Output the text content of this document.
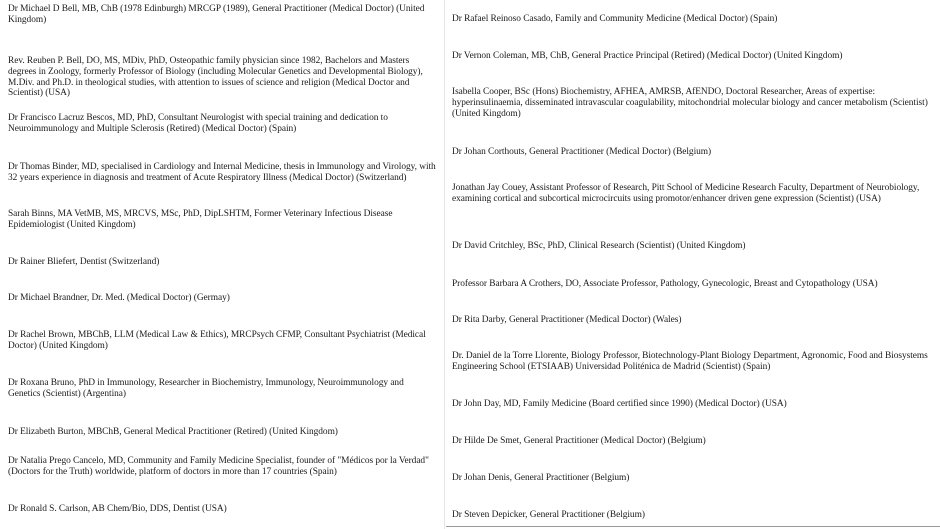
Dr Michael D Bell, MB, ChB (1978 Edinburgh) MRCGP (1989), General Practitioner (Medical Doctor) (United Kingdom)
Rev. Reuben P. Bell, DO, MS, MDiv, PhD, Osteopathic family physician since 1982, Bachelors and Masters degrees in Zoology, formerly Professor of Biology (including Molecular Genetics and Developmental Biology), M.Div. and Ph.D. in theological studies, with attention to issues of science and religion (Medical Doctor and Scientist) (USA)
Dr Francisco Lacruz Bescos, MD, PhD, Consultant Neurologist with special training and dedication to Neuroimmunology and Multiple Sclerosis (Retired) (Medical Doctor) (Spain)
Dr Thomas Binder, MD, specialised in Cardiology and Internal Medicine, thesis in Immunology and Virology, with 32 years experience in diagnosis and treatment of Acute Respiratory Illness (Medical Doctor) (Switzerland)
Sarah Binns, MA VetMB, MS, MRCVS, MSc, PhD, DipLSHTM, Former Veterinary Infectious Disease Epidemiologist (United Kingdom)
Dr Rainer Bliefert, Dentist (Switzerland)
Dr Michael Brandner, Dr. Med. (Medical Doctor) (Germay)
Dr Rachel Brown, MBChB, LLM (Medical Law & Ethics), MRCPsych CFMP, Consultant Psychiatrist (Medical Doctor) (United Kingdom)
Dr Roxana Bruno, PhD in Immunology, Researcher in Biochemistry, Immunology, Neuroimmunology and Genetics (Scientist) (Argentina)
Dr Elizabeth Burton, MBChB, General Medical Practitioner (Retired) (United Kingdom)
Dr Natalia Prego Cancelo, MD, Community and Family Medicine Specialist, founder of "Médicos por la Verdad" (Doctors for the Truth) worldwide, platform of doctors in more than 17 countries (Spain)
Dr Ronald S. Carlson, AB Chem/Bio, DDS, Dentist (USA)
Dr Rafael Reinoso Casado, Family and Community Medicine (Medical Doctor) (Spain)
Dr Vernon Coleman, MB, ChB, General Practice Principal (Retired) (Medical Doctor) (United Kingdom)
Isabella Cooper, BSc (Hons) Biochemistry, AFHEA, AMRSB, AfENDO, Doctoral Researcher, Areas of expertise: hyperinsulinaemia, disseminated intravascular coagulability, mitochondrial molecular biology and cancer metabolism (Scientist) (United Kingdom)
Dr Johan Corthouts, General Practitioner (Medical Doctor) (Belgium)
Jonathan Jay Couey, Assistant Professor of Research, Pitt School of Medicine Research Faculty, Department of Neurobiology, examining cortical and subcortical microcircuits using promotor/enhancer driven gene expression (Scientist) (USA)
Dr David Critchley, BSc, PhD, Clinical Research (Scientist) (United Kingdom)
Professor Barbara A Crothers, DO, Associate Professor, Pathology, Gynecologic, Breast and Cytopathology (USA)
Dr Rita Darby, General Practitioner (Medical Doctor) (Wales)
Dr. Daniel de la Torre Llorente, Biology Professor, Biotechnology-Plant Biology Department, Agronomic, Food and Biosystems Engineering School (ETSIAAB) Universidad Politénica de Madrid (Scientist) (Spain)
Dr John Day, MD, Family Medicine (Board certified since 1990) (Medical Doctor) (USA)
Dr Hilde De Smet, General Practitioner (Medical Doctor) (Belgium)
Dr Johan Denis, General Practitioner (Belgium)
Dr Steven Depicker, General Practitioner (Belgium)
